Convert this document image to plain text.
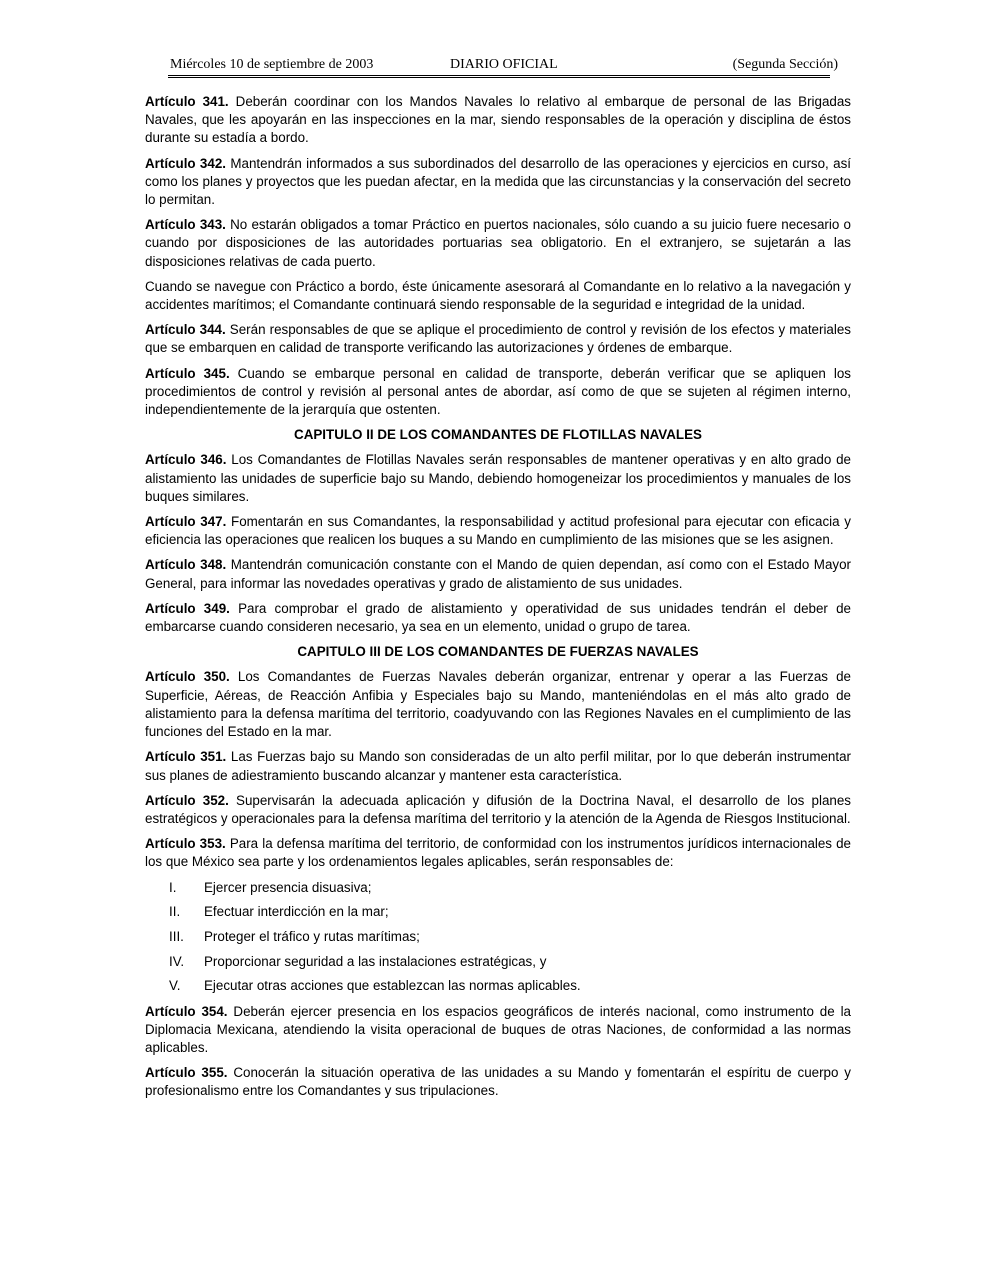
Miércoles 10 de septiembre de 2003	DIARIO OFICIAL	(Segunda Sección)

Artículo 341. Deberán coordinar con los Mandos Navales lo relativo al embarque de personal de las Brigadas Navales, que les apoyarán en las inspecciones en la mar, siendo responsables de la operación y disciplina de éstos durante su estadía a bordo.

Artículo 342. Mantendrán informados a sus subordinados del desarrollo de las operaciones y ejercicios en curso, así como los planes y proyectos que les puedan afectar, en la medida que las circunstancias y la conservación del secreto lo permitan.

Artículo 343. No estarán obligados a tomar Práctico en puertos nacionales, sólo cuando a su juicio fuere necesario o cuando por disposiciones de las autoridades portuarias sea obligatorio. En el extranjero, se sujetarán a las disposiciones relativas de cada puerto.

Cuando se navegue con Práctico a bordo, éste únicamente asesorará al Comandante en lo relativo a la navegación y accidentes marítimos; el Comandante continuará siendo responsable de la seguridad e integridad de la unidad.

Artículo 344. Serán responsables de que se aplique el procedimiento de control y revisión de los efectos y materiales que se embarquen en calidad de transporte verificando las autorizaciones y órdenes de embarque.

Artículo 345. Cuando se embarque personal en calidad de transporte, deberán verificar que se apliquen los procedimientos de control y revisión al personal antes de abordar, así como de que se sujeten al régimen interno, independientemente de la jerarquía que ostenten.

CAPITULO II DE LOS COMANDANTES DE FLOTILLAS NAVALES

Artículo 346. Los Comandantes de Flotillas Navales serán responsables de mantener operativas y en alto grado de alistamiento las unidades de superficie bajo su Mando, debiendo homogeneizar los procedimientos y manuales de los buques similares.

Artículo 347. Fomentarán en sus Comandantes, la responsabilidad y actitud profesional para ejecutar con eficacia y eficiencia las operaciones que realicen los buques a su Mando en cumplimiento de las misiones que se les asignen.

Artículo 348. Mantendrán comunicación constante con el Mando de quien dependan, así como con el Estado Mayor General, para informar las novedades operativas y grado de alistamiento de sus unidades.

Artículo 349. Para comprobar el grado de alistamiento y operatividad de sus unidades tendrán el deber de embarcarse cuando consideren necesario, ya sea en un elemento, unidad o grupo de tarea.

CAPITULO III DE LOS COMANDANTES DE FUERZAS NAVALES

Artículo 350. Los Comandantes de Fuerzas Navales deberán organizar, entrenar y operar a las Fuerzas de Superficie, Aéreas, de Reacción Anfibia y Especiales bajo su Mando, manteniéndolas en el más alto grado de alistamiento para la defensa marítima del territorio, coadyuvando con las Regiones Navales en el cumplimiento de las funciones del Estado en la mar.

Artículo 351. Las Fuerzas bajo su Mando son consideradas de un alto perfil militar, por lo que deberán instrumentar sus planes de adiestramiento buscando alcanzar y mantener esta característica.

Artículo 352. Supervisarán la adecuada aplicación y difusión de la Doctrina Naval, el desarrollo de los planes estratégicos y operacionales para la defensa marítima del territorio y la atención de la Agenda de Riesgos Institucional.

Artículo 353. Para la defensa marítima del territorio, de conformidad con los instrumentos jurídicos internacionales de los que México sea parte y los ordenamientos legales aplicables, serán responsables de:

I. Ejercer presencia disuasiva;
II. Efectuar interdicción en la mar;
III. Proteger el tráfico y rutas marítimas;
IV. Proporcionar seguridad a las instalaciones estratégicas, y
V. Ejecutar otras acciones que establezcan las normas aplicables.

Artículo 354. Deberán ejercer presencia en los espacios geográficos de interés nacional, como instrumento de la Diplomacia Mexicana, atendiendo la visita operacional de buques de otras Naciones, de conformidad a las normas aplicables.

Artículo 355. Conocerán la situación operativa de las unidades a su Mando y fomentarán el espíritu de cuerpo y profesionalismo entre los Comandantes y sus tripulaciones.
